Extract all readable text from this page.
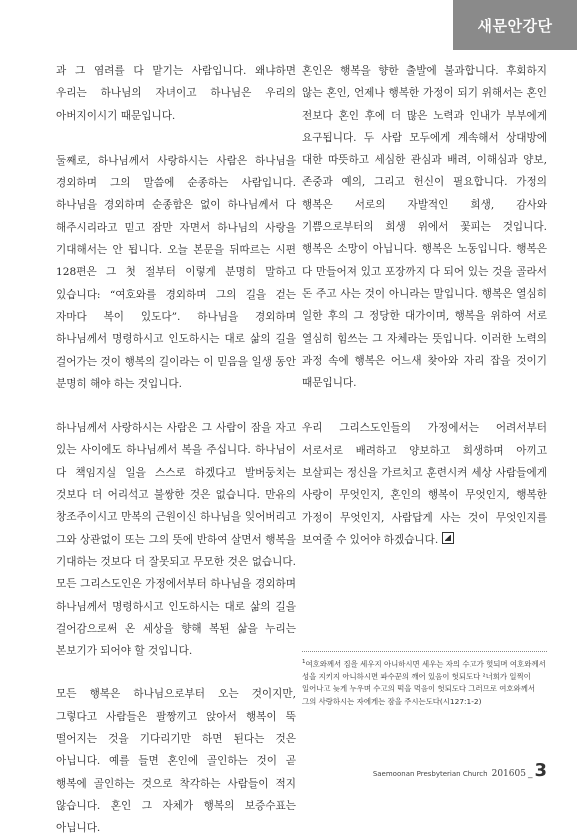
새문안강단

과 그 염려를 다 맡기는 사람입니다. 왜냐하면 우리는 하나님의 자녀이고 하나님은 우리의 아버지이시기 때문입니다.

둘째로, 하나님께서 사랑하시는 사람은 하나님을 경외하며 그의 말씀에 순종하는 사람입니다. 하나님을 경외하며 순종함은 없이 하나님께서 다 해주시리라고 믿고 잠만 자면서 하나님의 사랑을 기대해서는 안 됩니다. 오늘 본문을 뒤따르는 시편 128편은 그 첫 절부터 이렇게 분명히 말하고 있습니다: “여호와를 경외하며 그의 길을 걷는 자마다 복이 있도다”. 하나님을 경외하며 하나님께서 명령하시고 인도하시는 대로 삶의 길을 걸어가는 것이 행복의 길이라는 이 믿음을 일생 동안 분명히 해야 하는 것입니다.

하나님께서 사랑하시는 사람은 그 사람이 잠을 자고 있는 사이에도 하나님께서 복을 주십니다. 하나님이 다 책임지실 일을 스스로 하겠다고 발버둥치는 것보다 더 어리석고 불쌍한 것은 없습니다. 만유의 창조주이시고 만복의 근원이신 하나님을 잊어버리고 그와 상관없이 또는 그의 뜻에 반하여 살면서 행복을 기대하는 것보다 더 잘못되고 무모한 것은 없습니다. 모든 그리스도인은 가정에서부터 하나님을 경외하며 하나님께서 명령하시고 인도하시는 대로 삶의 길을 걸어감으로써 온 세상을 향해 복된 삶을 누리는 본보기가 되어야 할 것입니다.

모든 행복은 하나님으로부터 오는 것이지만, 그렇다고 사람들은 팔짱끼고 앉아서 행복이 뚝 떨어지는 것을 기다리기만 하면 된다는 것은 아닙니다. 예를 들면 혼인에 골인하는 것이 곧 행복에 골인하는 것으로 착각하는 사람들이 적지 않습니다. 혼인 그 자체가 행복의 보증수표는 아닙니다.

혼인은 행복을 향한 출발에 불과합니다. 후회하지 않는 혼인, 언제나 행복한 가정이 되기 위해서는 혼인 전보다 혼인 후에 더 많은 노력과 인내가 부부에게 요구됩니다. 두 사람 모두에게 계속해서 상대방에 대한 따뜻하고 세심한 관심과 배려, 이해심과 양보, 존중과 예의, 그리고 헌신이 필요합니다. 가정의 행복은 서로의 자발적인 희생, 감사와 기쁨으로부터의 희생 위에서 꽃피는 것입니다. 행복은 소망이 아닙니다. 행복은 노동입니다. 행복은 다 만들어져 있고 포장까지 다 되어 있는 것을 골라서 돈 주고 사는 것이 아니라는 말입니다. 행복은 열심히 일한 후의 그 정당한 대가이며, 행복을 위하여 서로 열심히 힘쓰는 그 자체라는 뜻입니다. 이러한 노력의 과정 속에 행복은 어느새 찾아와 자리 잡을 것이기 때문입니다.

우리 그리스도인들의 가정에서는 어려서부터 서로서로 배려하고 양보하고 희생하며 아끼고 보살피는 정신을 가르치고 훈련시켜 세상 사람들에게 사랑이 무엇인지, 혼인의 행복이 무엇인지, 행복한 가정이 무엇인지, 사람답게 사는 것이 무엇인지를 보여줄 수 있어야 하겠습니다.

$^1$여호와께서 집을 세우지 아니하시면 세우는 자의 수고가 헛되며 여호와께서 성을 지키지 아니하시면 파수꾼의 깨어 있음이 헛되도다 ²너희가 일찍이 일어나고 늦게 누우며 수고의 떡을 먹음이 헛되도다 그러므로 여호와께서 그의 사랑하시는 자에게는 잠을 주시는도다(시127:1-2)

Saemoonan Presbyterian Church 201605 _ 3
